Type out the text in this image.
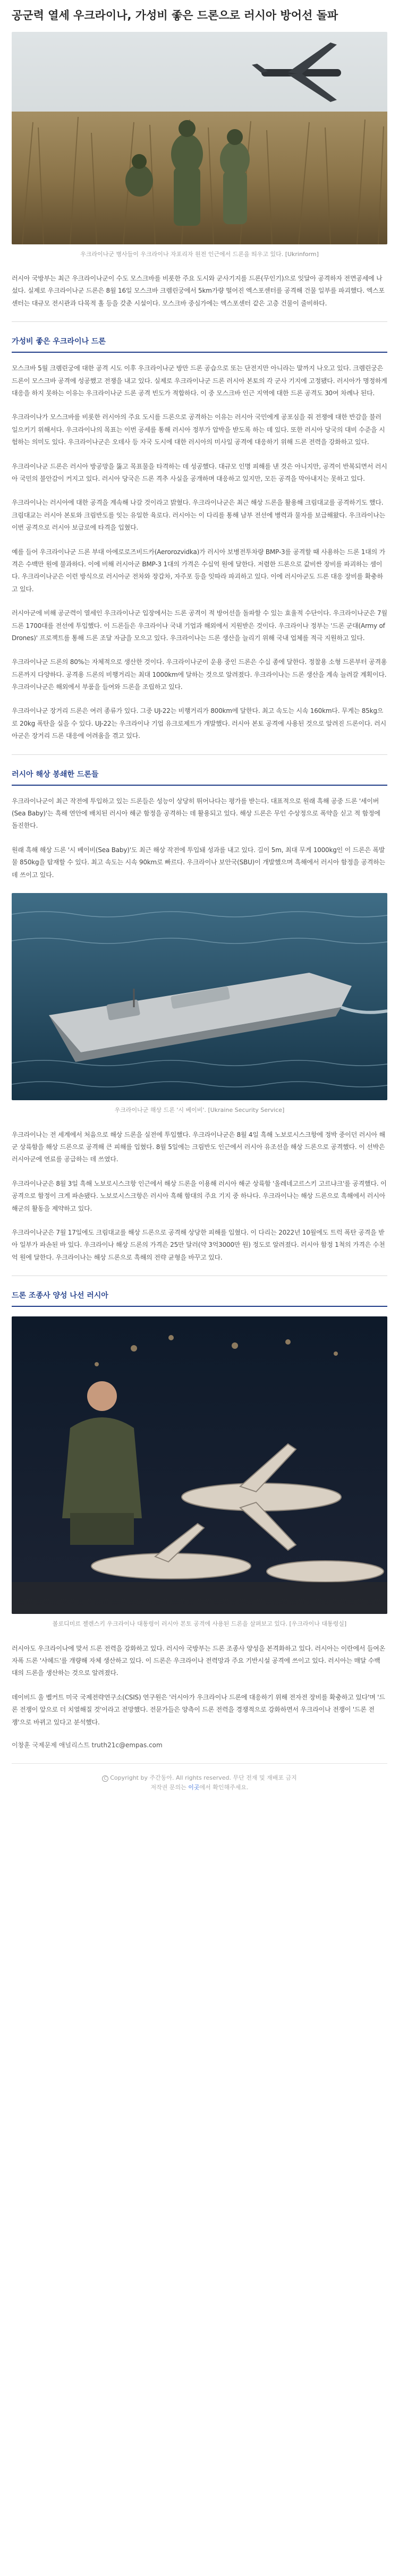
공군력 열세 우크라이나, 가성비 좋은 드론으로 러시아 방어선 돌파

우크라이나군 병사들이 우크라이나 자포리자 원전 인근에서 드론을 띄우고 있다. [Ukrinform]

러시아 국방부는 최근 우크라이나군이 수도 모스크바를 비롯한 주요 도시와 군사기지를 드론(무인기)으로 잇달아 공격하자 전면공세에 나섰다. 실제로 우크라이나군 드론은 8월 16일 모스크바 크렘린궁에서 5km가량 떨어진 엑스포센터를 공격해 건물 일부를 파괴했다. 엑스포센터는 대규모 전시관과 다목적 홀 등을 갖춘 시설이다. 모스크바 중심가에는 엑스포센터 같은 고층 건물이 줄비하다.

가성비 좋은 우크라이나 드론

모스크바 5월 크렘린궁에 대한 공격 시도 이후 우크라이나군 방만 드론 공습으로 또는 단전지만 아니라는 말까지 나오고 있다. 크렘린궁은 드론이 모스크바 공격에 성공했고 전쟁을 내고 있다. 실제로 우크라이나군 드론 러시아 본토의 각 군사 기지에 고정됐다. 러시아가 명정하게 대응을 하지 못하는 이유는 우크라이나군 드론 공격 빈도가 적합하다. 이 중 모스크바 인근 지역에 대한 드론 공격도 30여 차례나 된다.

우크라이나가 모스크바를 비롯한 러시아의 주요 도시를 드론으로 공격하는 이유는 러시아 국민에게 공포심을 줘 전쟁에 대한 반감을 불러일으키기 위해서다. 우크라이나의 목표는 이번 공세를 통해 러시아 정부가 압박을 받도록 하는 데 있다. 또한 러시아 당국의 대비 수준을 시험하는 의미도 있다. 우크라이나군은 오데사 등 자국 도시에 대한 러시아의 미사일 공격에 대응하기 위해 드론 전력을 강화하고 있다.

우크라이나군 드론은 러시아 방공망을 뚫고 목표물을 타격하는 데 성공했다. 대규모 인명 피해를 낸 것은 아니지만, 공격이 반복되면서 러시아 국민의 불안감이 커지고 있다. 러시아 당국은 드론 격추 사실을 공개하며 대응하고 있지만, 모든 공격을 막아내지는 못하고 있다.

우크라이나는 러시아에 대한 공격을 계속해 나갈 것이라고 밝혔다. 우크라이나군은 최근 해상 드론을 활용해 크림대교를 공격하기도 했다. 크림대교는 러시아 본토와 크림반도를 잇는 유일한 육로다. 러시아는 이 다리를 통해 남부 전선에 병력과 물자를 보급해왔다. 우크라이나는 이번 공격으로 러시아 보급로에 타격을 입혔다.

예를 들어 우크라이나군 드론 부대 아에로로즈비드카(Aerorozvidka)가 러시아 보병전투차량 BMP-3를 공격할 때 사용하는 드론 1대의 가격은 수백만 원에 불과하다. 이에 비해 러시아군 BMP-3 1대의 가격은 수십억 원에 달한다. 저렴한 드론으로 값비싼 장비를 파괴하는 셈이다. 우크라이나군은 이런 방식으로 러시아군 전차와 장갑차, 자주포 등을 잇따라 파괴하고 있다. 이에 러시아군도 드론 대응 장비를 확충하고 있다.

러시아군에 비해 공군력이 열세인 우크라이나군 입장에서는 드론 공격이 적 방어선을 돌파할 수 있는 효율적 수단이다. 우크라이나군은 7월 드론 1700대를 전선에 투입했다. 이 드론들은 우크라이나 국내 기업과 해외에서 지원받은 것이다. 우크라이나 정부는 '드론 군대(Army of Drones)' 프로젝트를 통해 드론 조달 자금을 모으고 있다. 우크라이나는 드론 생산을 늘리기 위해 국내 업체를 적극 지원하고 있다.

우크라이나군 드론의 80%는 자체적으로 생산한 것이다. 우크라이나군이 운용 중인 드론은 수십 종에 달한다. 정찰용 소형 드론부터 공격용 드론까지 다양하다. 공격용 드론의 비행거리는 최대 1000km에 달하는 것으로 알려졌다. 우크라이나는 드론 생산을 계속 늘려갈 계획이다. 우크라이나군은 해외에서 부품을 들여와 드론을 조립하고 있다.

우크라이나군 장거리 드론은 여러 종류가 있다. 그중 UJ-22는 비행거리가 800km에 달한다. 최고 속도는 시속 160km다. 무게는 85kg으로 20kg 폭탄을 실을 수 있다. UJ-22는 우크라이나 기업 유크로제트가 개발했다. 러시아 본토 공격에 사용된 것으로 알려진 드론이다. 러시아군은 장거리 드론 대응에 어려움을 겪고 있다.

러시아 해상 봉쇄한 드론들

우크라이나군이 최근 작전에 투입하고 있는 드론들은 성능이 상당히 뛰어나다는 평가를 받는다. 대표적으로 원래 흑해 공중 드론 '세이버(Sea Baby)'는 흑해 연안에 배치된 러시아 해군 함정을 공격하는 데 활용되고 있다. 해상 드론은 무인 수상정으로 폭약을 싣고 적 함정에 돌진한다.

원래 흑해 해상 드론 '시 베이비(Sea Baby)'도 최근 해상 작전에 투입돼 성과를 내고 있다. 길이 5m, 최대 무게 1000kg인 이 드론은 폭발물 850kg을 탑재할 수 있다. 최고 속도는 시속 90km로 빠르다. 우크라이나 보안국(SBU)이 개발했으며 흑해에서 러시아 함정을 공격하는 데 쓰이고 있다.

우크라이나군 해상 드론 '시 베이비'. [Ukraine Security Service]

우크라이나는 전 세계에서 처음으로 해상 드론을 실전에 투입했다. 우크라이나군은 8월 4일 흑해 노보로시스크항에 정박 중이던 러시아 해군 상륙함을 해상 드론으로 공격해 큰 피해를 입혔다. 8월 5일에는 크림반도 인근에서 러시아 유조선을 해상 드론으로 공격했다. 이 선박은 러시아군에 연료를 공급하는 데 쓰였다.

우크라이나군은 8월 3일 흑해 노보로시스크항 인근에서 해상 드론을 이용해 러시아 해군 상륙함 '올레네고르스키 고르냐크'를 공격했다. 이 공격으로 함정이 크게 파손됐다. 노보로시스크항은 러시아 흑해 함대의 주요 기지 중 하나다. 우크라이나는 해상 드론으로 흑해에서 러시아 해군의 활동을 제약하고 있다.

우크라이나군은 7월 17일에도 크림대교를 해상 드론으로 공격해 상당한 피해를 입혔다. 이 다리는 2022년 10월에도 트럭 폭탄 공격을 받아 일부가 파손된 바 있다. 우크라이나 해상 드론의 가격은 25만 달러(약 3억3000만 원) 정도로 알려졌다. 러시아 함정 1척의 가격은 수천억 원에 달한다. 우크라이나는 해상 드론으로 흑해의 전략 균형을 바꾸고 있다.

드론 조종사 양성 나선 러시아

볼로디미르 젤렌스키 우크라이나 대통령이 러시아 본토 공격에 사용된 드론을 살펴보고 있다. [우크라이나 대통령실]

러시아도 우크라이나에 맞서 드론 전력을 강화하고 있다. 러시아 국방부는 드론 조종사 양성을 본격화하고 있다. 러시아는 이란에서 들여온 자폭 드론 '샤헤드'를 개량해 자체 생산하고 있다. 이 드론은 우크라이나 전력망과 주요 기반시설 공격에 쓰이고 있다. 러시아는 매달 수백 대의 드론을 생산하는 것으로 알려졌다.

데이비드 울 벨커트 미국 국제전략연구소(CSIS) 연구원은 '러시아가 우크라이나 드론에 대응하기 위해 전자전 장비를 확충하고 있다'며 '드론 전쟁이 앞으로 더 치열해질 것'이라고 전망했다. 전문가들은 양측이 드론 전력을 경쟁적으로 강화하면서 우크라이나 전쟁이 '드론 전쟁'으로 바뀌고 있다고 분석했다.

이창훈 국제문제 애널리스트 truth21c@empas.com

C Copyright by 주간동아. All rights reserved. 무단 전재 및 재배포 금지

저작권 문의는 이곳에서 확인해주세요.
